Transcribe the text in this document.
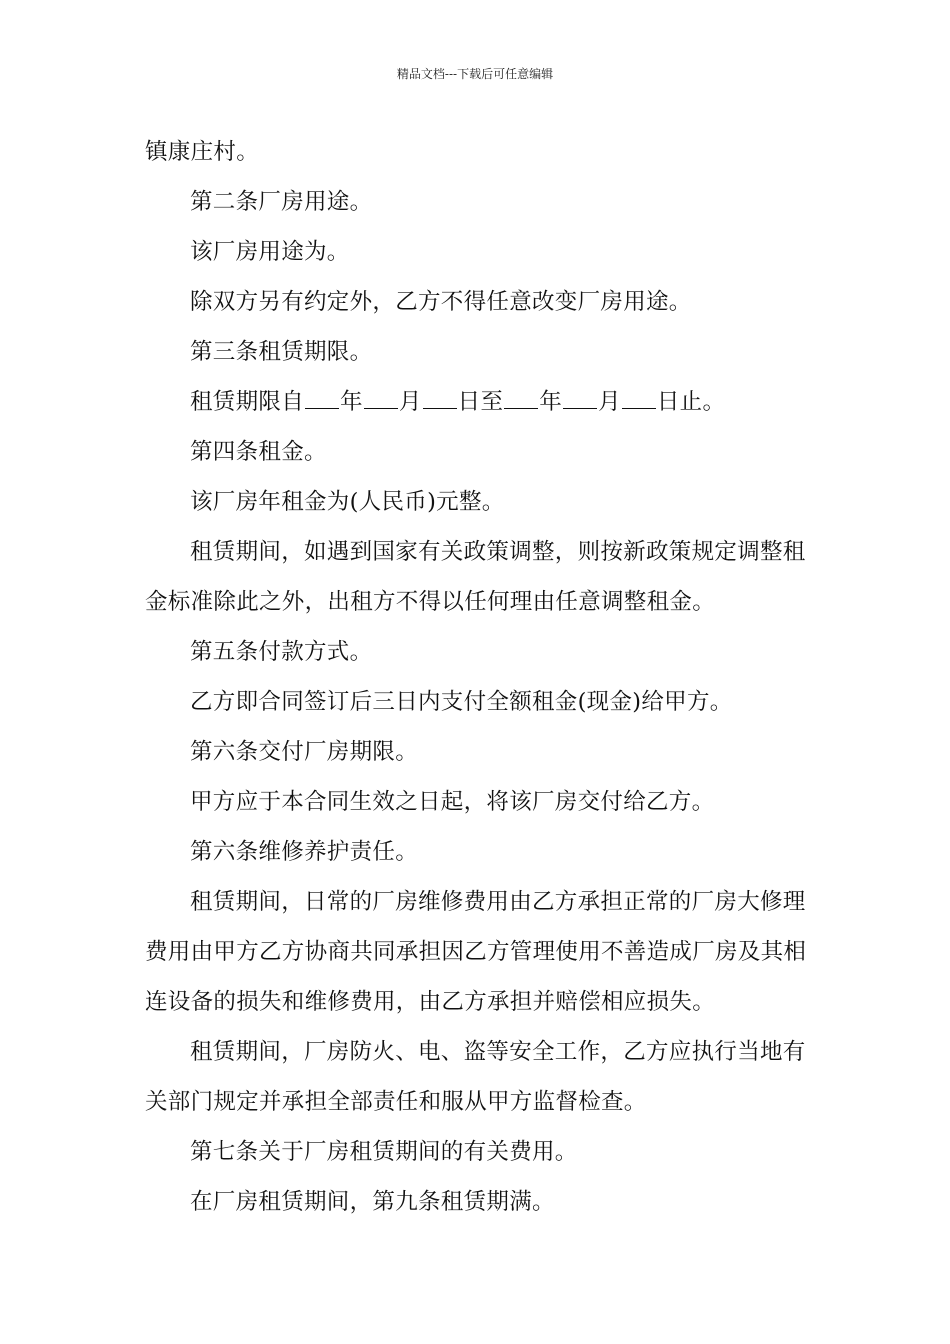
精品文档---下载后可任意编辑
镇康庄村。
第二条厂房用途。
该厂房用途为。
除双方另有约定外，乙方不得任意改变厂房用途。
第三条租赁期限。
租赁期限自 年 月 日至 年 月 日止。
第四条租金。
该厂房年租金为(人民币)元整。
租赁期间，如遇到国家有关政策调整，则按新政策规定调整租
金标准除此之外，出租方不得以任何理由任意调整租金。
第五条付款方式。
乙方即合同签订后三日内支付全额租金(现金)给甲方。
第六条交付厂房期限。
甲方应于本合同生效之日起，将该厂房交付给乙方。
第六条维修养护责任。
租赁期间，日常的厂房维修费用由乙方承担正常的厂房大修理
费用由甲方乙方协商共同承担因乙方管理使用不善造成厂房及其相
连设备的损失和维修费用，由乙方承担并赔偿相应损失。
租赁期间，厂房防火、电、盗等安全工作，乙方应执行当地有
关部门规定并承担全部责任和服从甲方监督检查。
第七条关于厂房租赁期间的有关费用。
在厂房租赁期间，第九条租赁期满。
